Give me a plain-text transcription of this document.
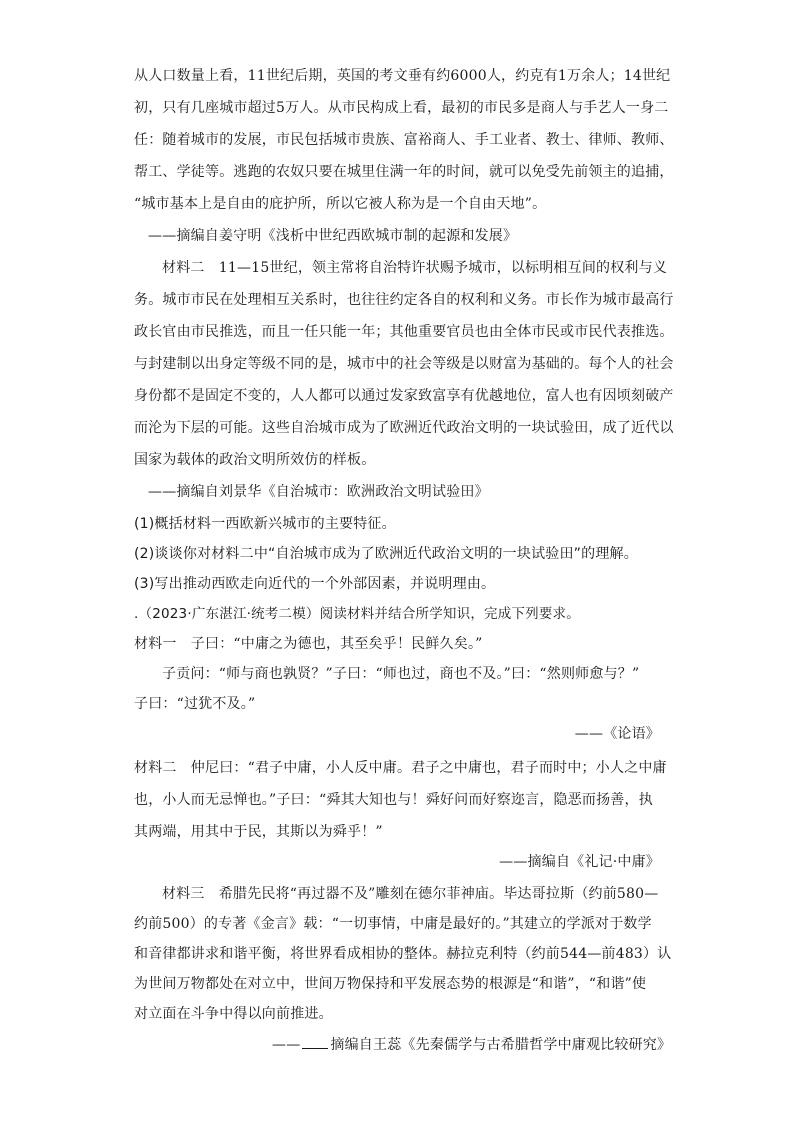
从人口数量上看，11世纪后期，英国的考文垂有约6000人，约克有1万余人；14世纪
初，只有几座城市超过5万人。从市民构成上看，最初的市民多是商人与手艺人一身二
任：随着城市的发展，市民包括城市贵族、富裕商人、手工业者、教士、律师、教师、
帮工、学徒等。逃跑的农奴只要在城里住满一年的时间，就可以免受先前领主的追捕，
“城市基本上是自由的庇护所，所以它被人称为是一个自由天地”。
——摘编自姜守明《浅析中世纪西欧城市制的起源和发展》
材料二　11—15世纪，领主常将自治特许状赐予城市，以标明相互间的权利与义
务。城市市民在处理相互关系时，也往往约定各自的权利和义务。市长作为城市最高行
政长官由市民推选，而且一任只能一年；其他重要官员也由全体市民或市民代表推选。
与封建制以出身定等级不同的是，城市中的社会等级是以财富为基础的。每个人的社会
身份都不是固定不变的，人人都可以通过发家致富享有优越地位，富人也有因顷刻破产
而沦为下层的可能。这些自治城市成为了欧洲近代政治文明的一块试验田，成了近代以
国家为载体的政治文明所效仿的样板。
——摘编自刘景华《自治城市：欧洲政治文明试验田》
(1)概括材料一西欧新兴城市的主要特征。
(2)谈谈你对材料二中“自治城市成为了欧洲近代政治文明的一块试验田”的理解。
(3)写出推动西欧走向近代的一个外部因素，并说明理由。
.（2023·广东湛江·统考二模）阅读材料并结合所学知识，完成下列要求。
材料一　子曰：“中庸之为德也，其至矣乎！民鲜久矣。”
子贡问：“师与商也孰贤？”子曰：“师也过，商也不及。”曰：“然则师愈与？”
子曰：“过犹不及。”
——《论语》
材料二　仲尼曰：“君子中庸，小人反中庸。君子之中庸也，君子而时中；小人之中庸
也，小人而无忌惮也。”子曰：“舜其大知也与！舜好问而好察迩言，隐恶而扬善，执
其两端，用其中于民，其斯以为舜乎！”
——摘编自《礼记·中庸》
材料三　希腊先民将“再过器不及”雕刻在德尔菲神庙。毕达哥拉斯（约前580—
约前500）的专著《金言》载：“一切事情，中庸是最好的。”其建立的学派对于数学
和音律都讲求和谐平衡，将世界看成相协的整体。赫拉克利特（约前544—前483）认
为世间万物都处在对立中，世间万物保持和平发展态势的根源是“和谐”，“和谐”使
对立面在斗争中得以向前推进。
—— 摘编自王蕊《先秦儒学与古希腊哲学中庸观比较研究》
